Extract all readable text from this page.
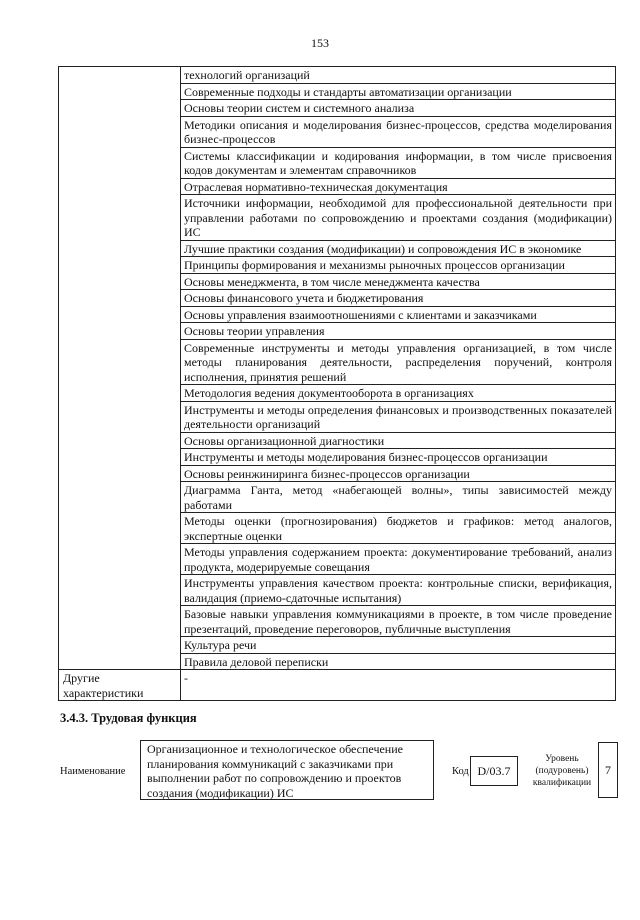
153
	технологий организаций
	Современные подходы и стандарты автоматизации организации
	Основы теории систем и системного анализа
	Методики описания и моделирования бизнес-процессов, средства моделирования бизнес-процессов
	Системы классификации и кодирования информации, в том числе присвоения кодов документам и элементам справочников
	Отраслевая нормативно-техническая документация
	Источники информации, необходимой для профессиональной деятельности при управлении работами по сопровождению и проектами создания (модификации) ИС
	Лучшие практики создания (модификации) и сопровождения ИС в экономике
	Принципы формирования и механизмы рыночных процессов организации
	Основы менеджмента, в том числе менеджмента качества
	Основы финансового учета и бюджетирования
	Основы управления взаимоотношениями с клиентами и заказчиками
	Основы теории управления
	Современные инструменты и методы управления организацией, в том числе методы планирования деятельности, распределения поручений, контроля исполнения, принятия решений
	Методология ведения документооборота в организациях
	Инструменты и методы определения финансовых и производственных показателей деятельности организаций
	Основы организационной диагностики
	Инструменты и методы моделирования бизнес-процессов организации
	Основы реинжиниринга бизнес-процессов организации
	Диаграмма Ганта, метод «набегающей волны», типы зависимостей между работами
	Методы оценки (прогнозирования) бюджетов и графиков: метод аналогов, экспертные оценки
	Методы управления содержанием проекта: документирование требований, анализ продукта, модерируемые совещания
	Инструменты управления качеством проекта: контрольные списки, верификация, валидация (приемо-сдаточные испытания)
	Базовые навыки управления коммуникациями в проекте, в том числе проведение презентаций, проведение переговоров, публичные выступления
	Культура речи
	Правила деловой переписки
Другие характеристики	-
3.4.3. Трудовая функция
Наименование
Организационное и технологическое обеспечение планирования коммуникаций с заказчиками при выполнении работ по сопровождению и проектов создания (модификации) ИС
Код D/03.7
Уровень (подуровень) квалификации
7
